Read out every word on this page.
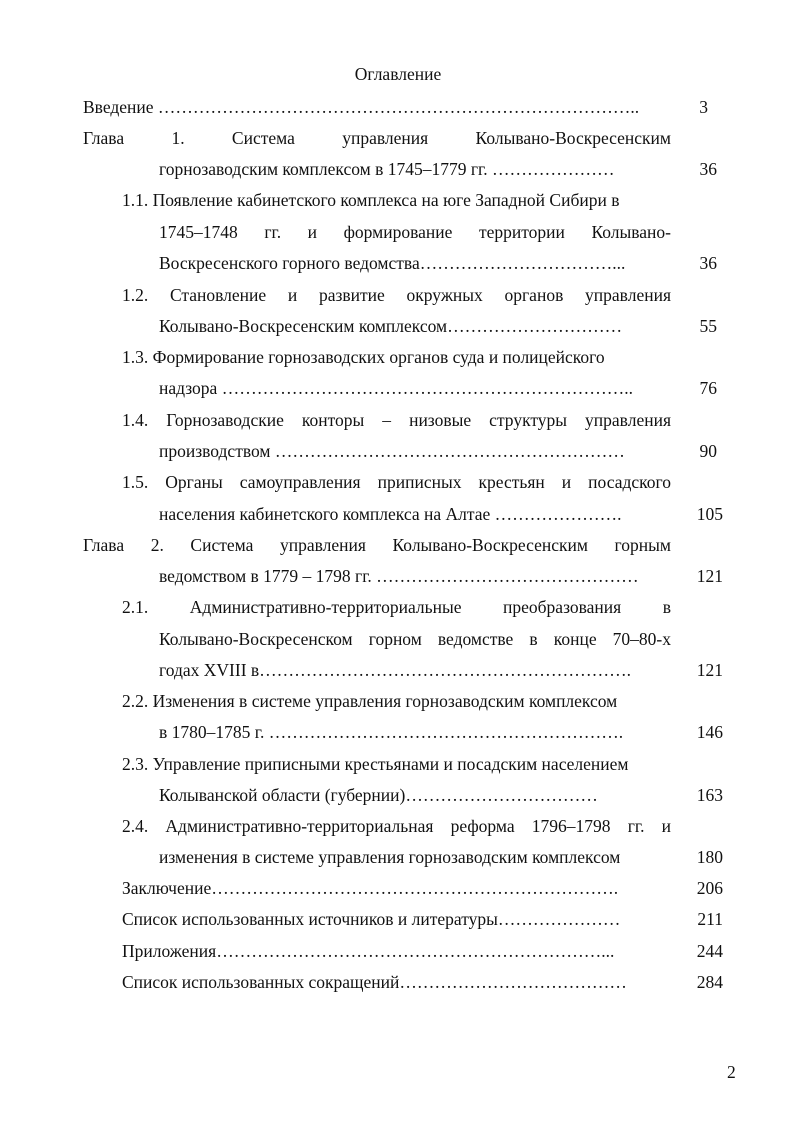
Оглавление
Введение ………………………………………………………………………..	3
Глава 1. Система управления Колывано-Воскресенским
горнозаводским комплексом в 1745–1779 гг. …………………	36
1.1. Появление кабинетского комплекса на юге Западной Сибири в
1745–1748 гг. и формирование территории Колывано-
Воскресенского горного ведомства……………………………...	36
1.2. Становление и развитие окружных органов управления
Колывано-Воскресенским комплексом…………………………	55
1.3. Формирование горнозаводских органов суда и полицейского
надзора ……………………………………………………………..	76
1.4. Горнозаводские конторы – низовые структуры управления
производством ……………………………………………………	90
1.5. Органы самоуправления приписных крестьян и посадского
населения кабинетского комплекса на Алтае ………………….	105
Глава 2. Система управления Колывано-Воскресенским горным
ведомством в 1779 – 1798 гг. ………………………………………	121
2.1. Административно-территориальные преобразования в
Колывано-Воскресенском горном ведомстве в конце 70–80-х
годах XVIII в……………………………………………………….	121
2.2. Изменения в системе управления горнозаводским комплексом
в 1780–1785 г. …………………………………………………….	146
2.3. Управление приписными крестьянами и посадским населением
Колыванской области (губернии)……………………………	163
2.4. Административно-территориальная реформа 1796–1798 гг. и
изменения в системе управления горнозаводским комплексом	180
Заключение…………………………………………………………….	206
Список использованных источников и литературы…………………	211
Приложения…………………………………………………………...	244
Список использованных сокращений…………………………………	284
2
